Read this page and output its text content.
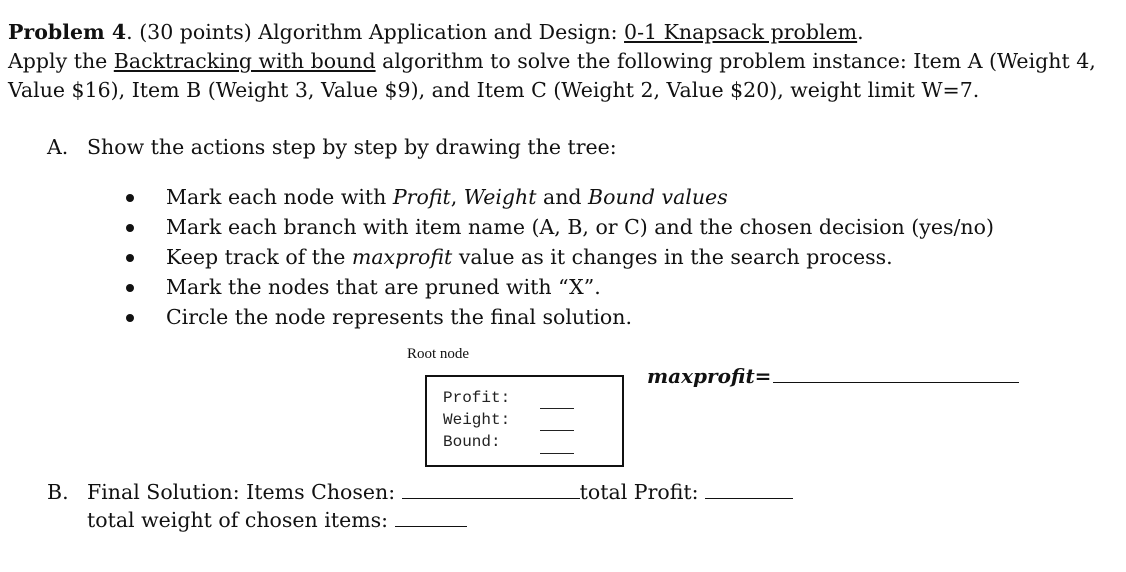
Problem 4. (30 points) Algorithm Application and Design: 0-1 Knapsack problem.
Apply the Backtracking with bound algorithm to solve the following problem instance: Item A (Weight 4,
Value $16), Item B (Weight 3, Value $9), and Item C (Weight 2, Value $20), weight limit W=7.
A. Show the actions step by step by drawing the tree:
Mark each node with Profit, Weight and Bound values
Mark each branch with item name (A, B, or C) and the chosen decision (yes/no)
Keep track of the maxprofit value as it changes in the search process.
Mark the nodes that are pruned with “X”.
Circle the node represents the final solution.
Root node
Profit:
Weight:
Bound:
maxprofit=
B. Final Solution: Items Chosen:	total Profit:
total weight of chosen items:
